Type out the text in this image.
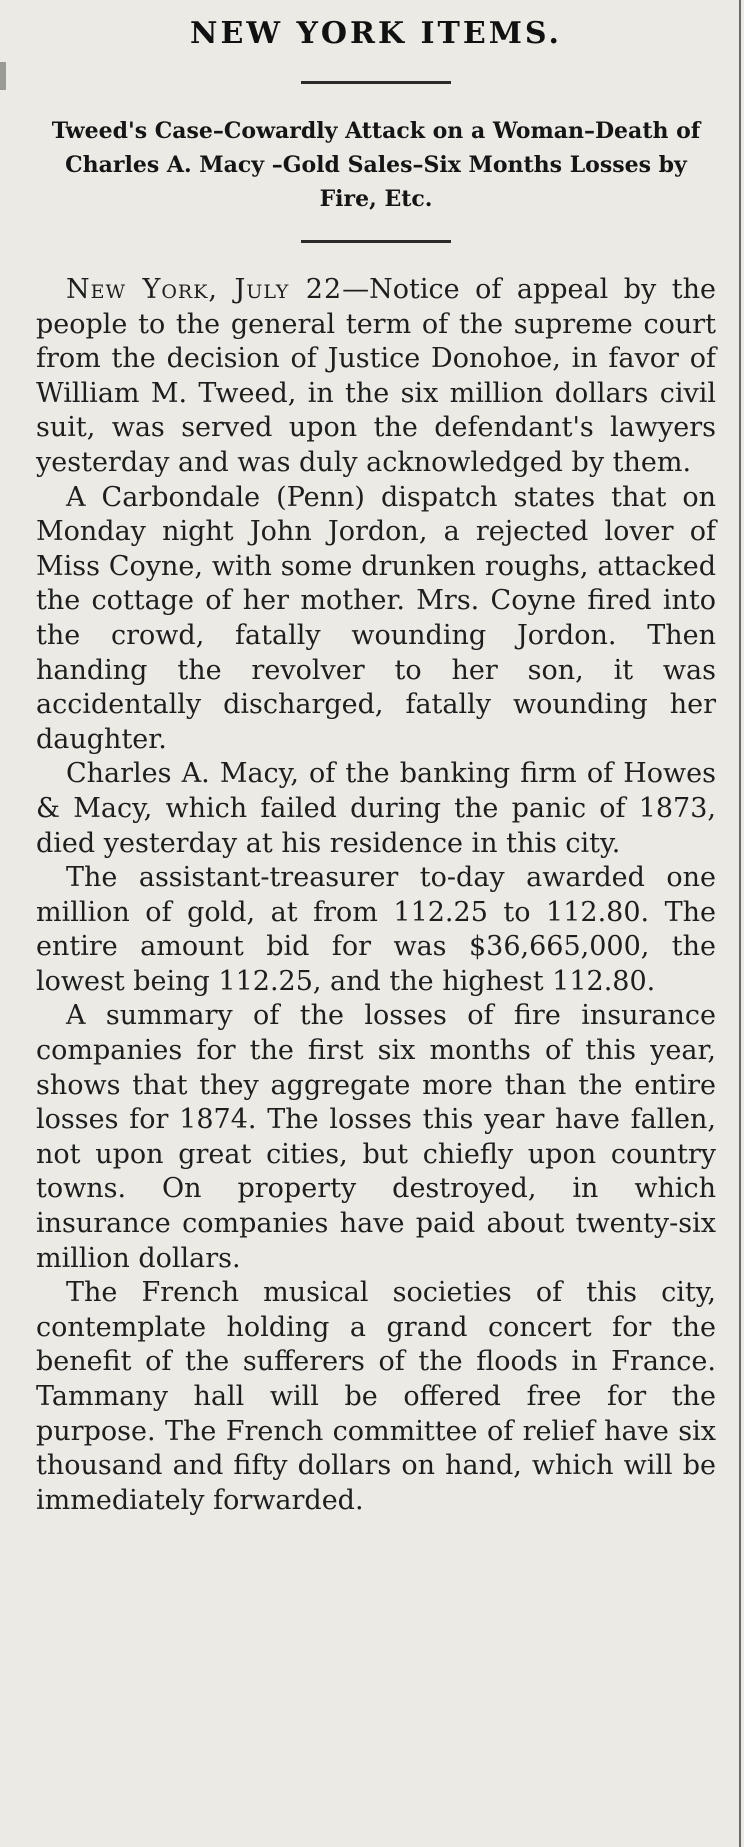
NEW YORK ITEMS.
Tweed's Case–Cowardly Attack on a Woman–Death of Charles A. Macy –Gold Sales–Six Months Losses by Fire, Etc.

New York, July 22—Notice of appeal by the people to the general term of the supreme court from the decision of Justice Donohoe, in favor of William M. Tweed, in the six million dollars civil suit, was served upon the defendant's lawyers yesterday and was duly acknowledged by them.

A Carbondale (Penn) dispatch states that on Monday night John Jordon, a rejected lover of Miss Coyne, with some drunken roughs, attacked the cottage of her mother. Mrs. Coyne fired into the crowd, fatally wounding Jordon. Then handing the revolver to her son, it was accidentally discharged, fatally wounding her daughter.

Charles A. Macy, of the banking firm of Howes & Macy, which failed during the panic of 1873, died yesterday at his residence in this city.

The assistant-treasurer to-day awarded one million of gold, at from 112.25 to 112.80. The entire amount bid for was $36,665,000, the lowest being 112.25, and the highest 112.80.

A summary of the losses of fire insurance companies for the first six months of this year, shows that they aggregate more than the entire losses for 1874. The losses this year have fallen, not upon great cities, but chiefly upon country towns. On property destroyed, in which insurance companies have paid about twenty-six million dollars.

The French musical societies of this city, contemplate holding a grand concert for the benefit of the sufferers of the floods in France. Tammany hall will be offered free for the purpose. The French committee of relief have six thousand and fifty dollars on hand, which will be immediately forwarded.
